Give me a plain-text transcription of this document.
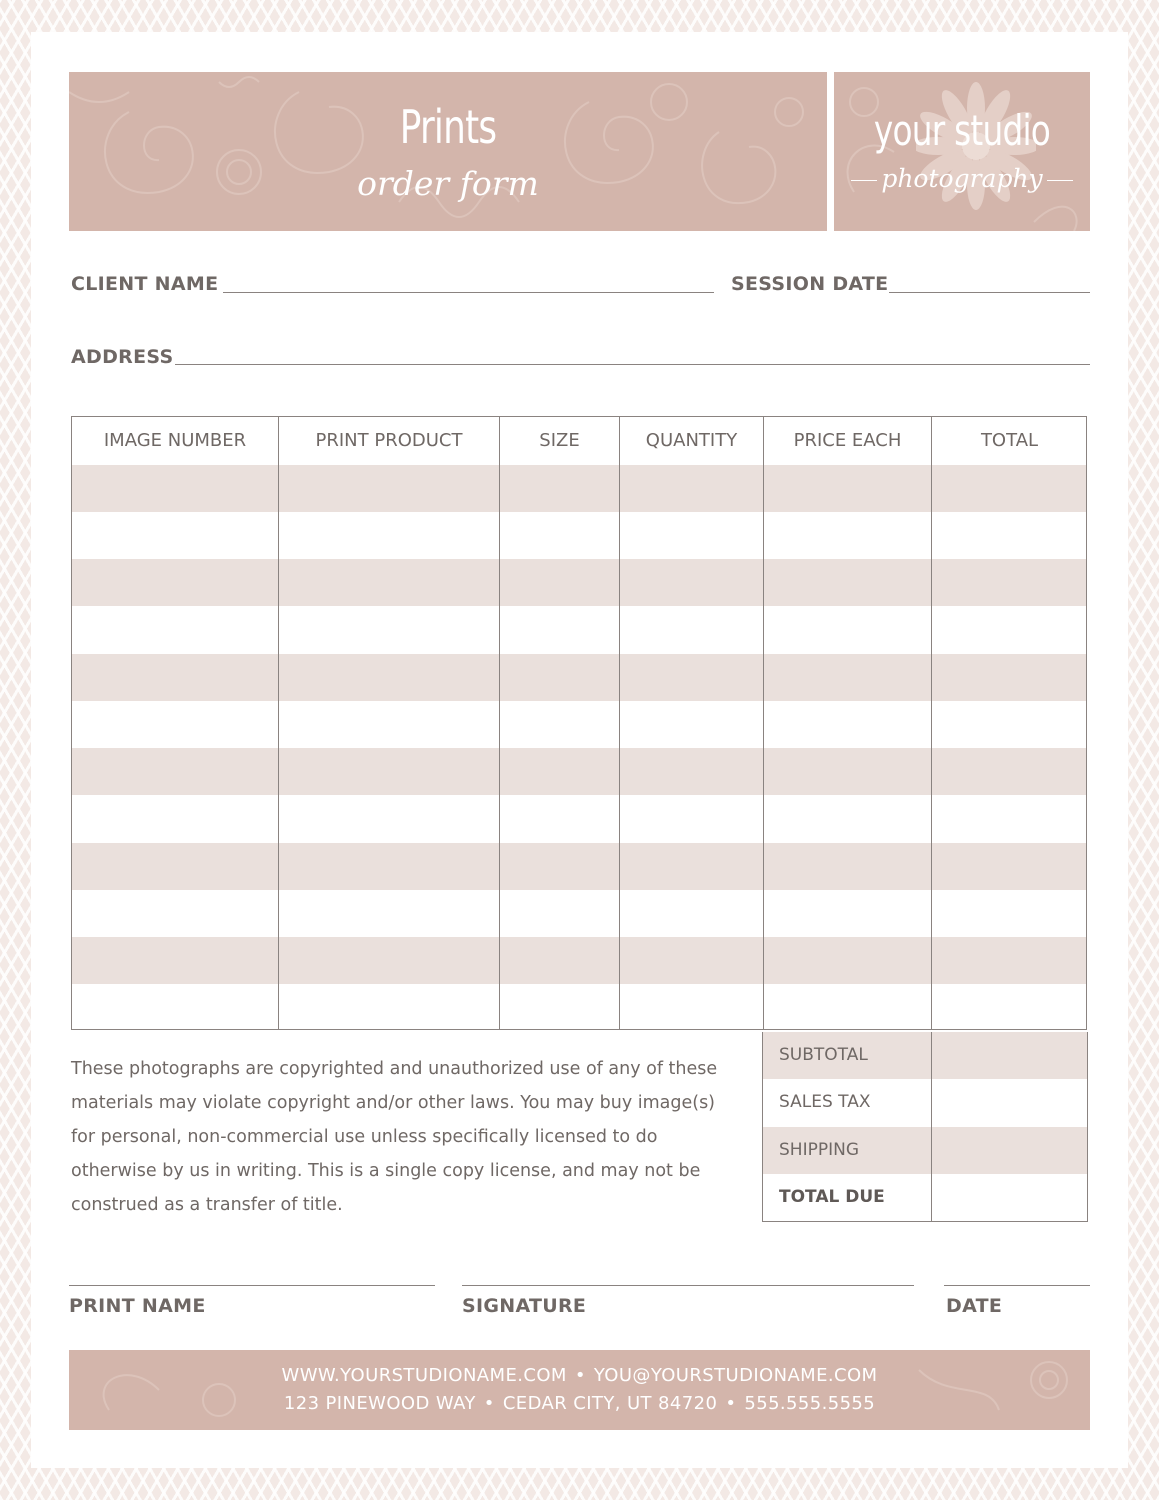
Prints
order form
your studio
photography
CLIENT NAME	SESSION DATE
ADDRESS
IMAGE NUMBER	PRINT PRODUCT	SIZE	QUANTITY	PRICE EACH	TOTAL
These photographs are copyrighted and unauthorized use of any of these materials may violate copyright and/or other laws. You may buy image(s) for personal, non-commercial use unless specifically licensed to do otherwise by us in writing. This is a single copy license, and may not be construed as a transfer of title.
SUBTOTAL
SALES TAX
SHIPPING
TOTAL DUE
PRINT NAME	SIGNATURE	DATE
WWW.YOURSTUDIONAME.COM • YOU@YOURSTUDIONAME.COM
123 PINEWOOD WAY • CEDAR CITY, UT 84720 • 555.555.5555
